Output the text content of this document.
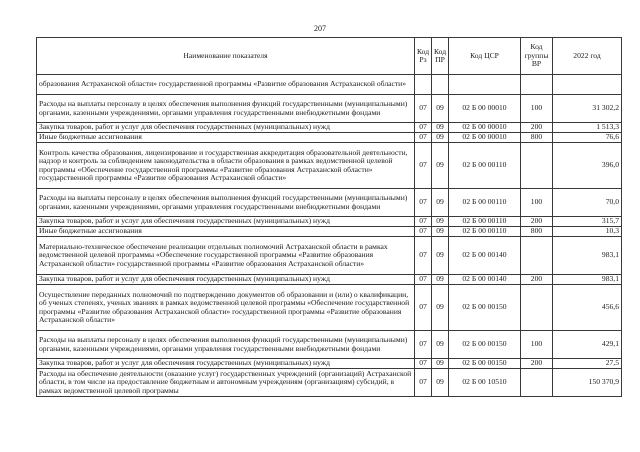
207
Наименование показателя	Код Рз	Код ПР	Код ЦСР	Код группы ВР	2022 год
образования Астраханской области» государственной программы «Развитие образования Астраханской области»					
Расходы на выплаты персоналу в целях обеспечения выполнения функций государственными (муниципальными) органами, казенными учреждениями, органами управления государственными внебюджетными фондами	07	09	02 Б 00 00010	100	31 302,2
Закупка товаров, работ и услуг для обеспечения государственных (муниципальных) нужд	07	09	02 Б 00 00010	200	1 513,3
Иные бюджетные ассигнования	07	09	02 Б 00 00010	800	76,6
Контроль качества образования, лицензирование и государственная аккредитация образовательной деятельности, надзор и контроль за соблюдением законодательства в области образования в рамках ведомственной целевой программы «Обеспечение государственной программы «Развитие образования Астраханской области» государственной программы «Развитие образования Астраханской области»	07	09	02 Б 00 00110		396,0
Расходы на выплаты персоналу в целях обеспечения выполнения функций государственными (муниципальными) органами, казенными учреждениями, органами управления государственными внебюджетными фондами	07	09	02 Б 00 00110	100	70,0
Закупка товаров, работ и услуг для обеспечения государственных (муниципальных) нужд	07	09	02 Б 00 00110	200	315,7
Иные бюджетные ассигнования	07	09	02 Б 00 00110	800	10,3
Материально-техническое обеспечение реализации отдельных полномочий Астраханской области в рамках ведомственной целевой программы «Обеспечение государственной программы «Развитие образования Астраханской области» государственной программы «Развитие образования Астраханской области»	07	09	02 Б 00 00140		983,1
Закупка товаров, работ и услуг для обеспечения государственных (муниципальных) нужд	07	09	02 Б 00 00140	200	983,1
Осуществление переданных полномочий по подтверждению документов об образовании и (или) о квалификации, об ученых степенях, ученых званиях в рамках ведомственной целевой программы «Обеспечение государственной программы «Развитие образования Астраханской области» государственной программы «Развитие образования Астраханской области»	07	09	02 Б 00 00150		456,6
Расходы на выплаты персоналу в целях обеспечения выполнения функций государственными (муниципальными) органами, казенными учреждениями, органами управления государственными внебюджетными фондами	07	09	02 Б 00 00150	100	429,1
Закупка товаров, работ и услуг для обеспечения государственных (муниципальных) нужд	07	09	02 Б 00 00150	200	27,5
Расходы на обеспечение деятельности (оказание услуг) государственных учреждений (организаций) Астраханской области, в том числе на предоставление бюджетным и автономным учреждениям (организациям) субсидий, в рамках ведомственной целевой программы	07	09	02 Б 00 10510		150 370,9
